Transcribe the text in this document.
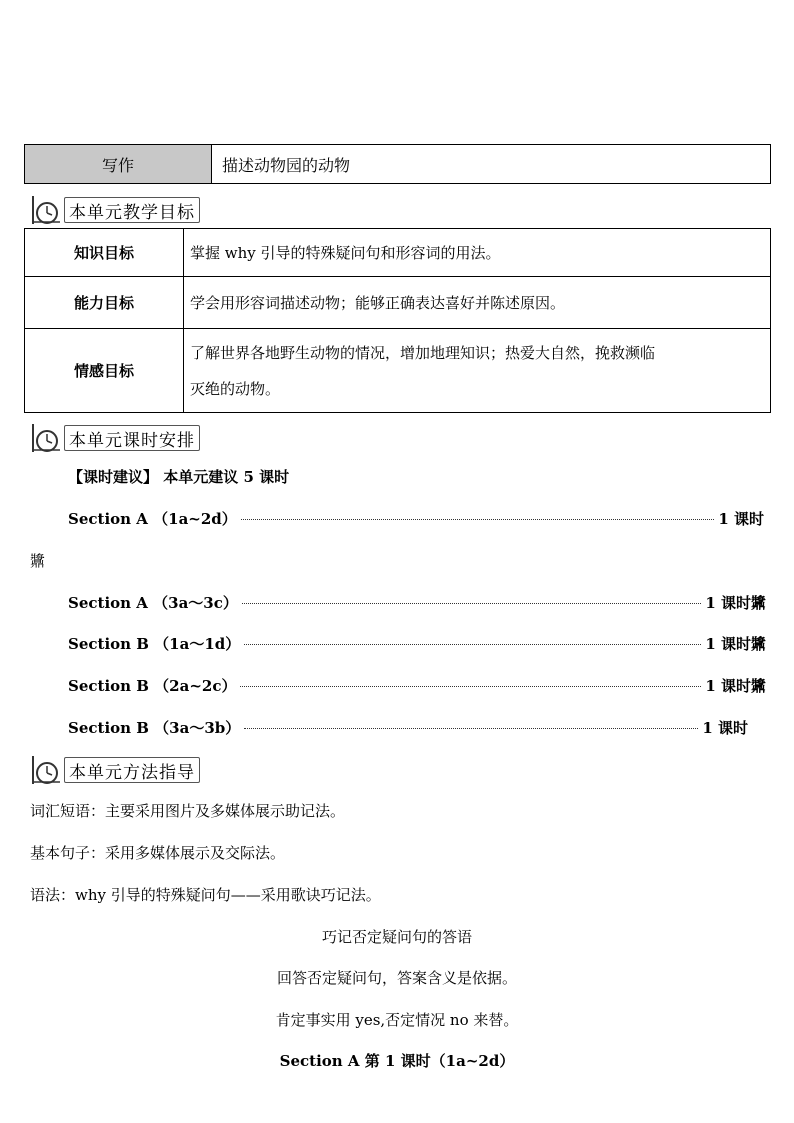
写作	描述动物园的动物
本单元教学目标
知识目标	掌握 why 引导的特殊疑问句和形容词的用法。
能力目标	学会用形容词描述动物；能够正确表达喜好并陈述原因。
情感目标	了解世界各地野生动物的情况，增加地理知识；热爱大自然，挽救濒临
灭绝的动物。
本单元课时安排
【课时建议】 本单元建议 5 课时
Section A （1a~2d）	1 课时
䵼
Section A （3a～3c）	1 课时 䵼
Section B （1a～1d）	1 课时 䵼
Section B （2a~2c）	1 课时 䵼
Section B （3a～3b）	1 课时
本单元方法指导
词汇短语：主要采用图片及多媒体展示助记法。
基本句子：采用多媒体展示及交际法。
语法：why 引导的特殊疑问句——采用歌诀巧记法。
巧记否定疑问句的答语
回答否定疑问句，答案含义是依据。
肯定事实用 yes,否定情况 no 来替。
Section A 第 1 课时（1a~2d）
